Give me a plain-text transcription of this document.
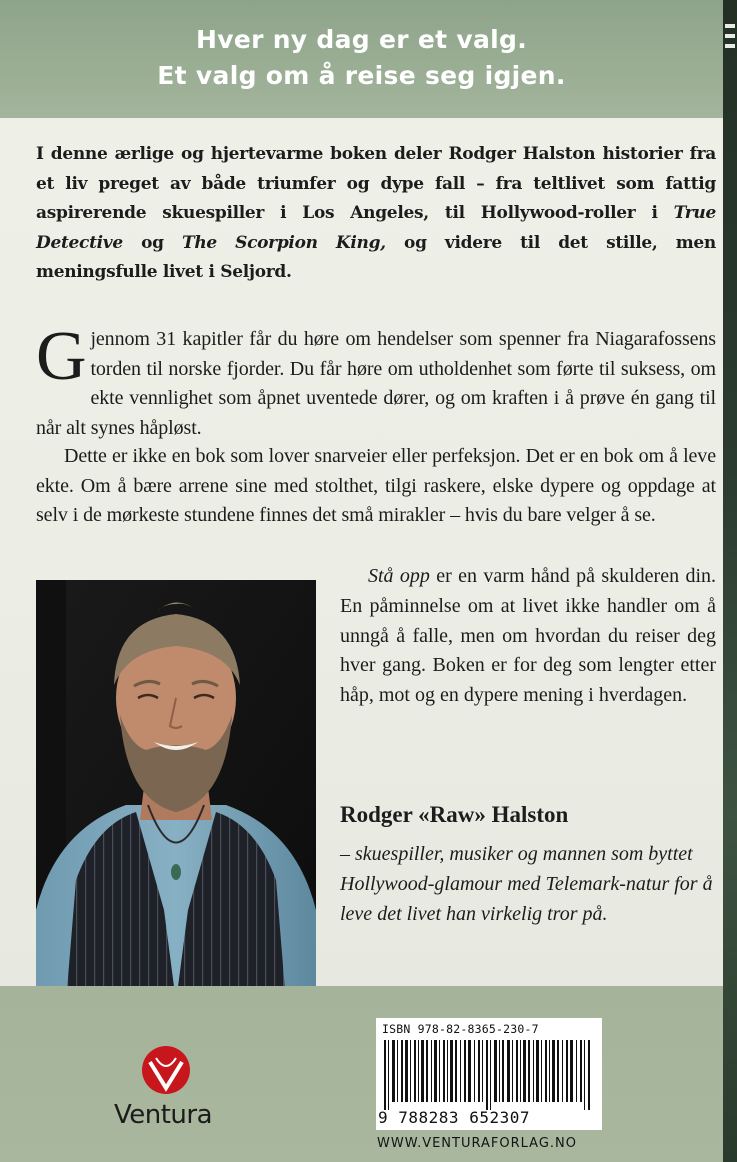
Hver ny dag er et valg.
Et valg om å reise seg igjen.

I denne ærlige og hjertevarme boken deler Rodger Halston historier fra et liv preget av både triumfer og dype fall – fra teltlivet som fattig aspirerende skuespiller i Los Angeles, til Hollywood-roller i True Detective og The Scorpion King, og videre til det stille, men meningsfulle livet i Seljord.

Gjennom 31 kapitler får du høre om hendelser som spenner fra Niagarafossens torden til norske fjorder. Du får høre om utholdenhet som førte til suksess, om ekte vennlighet som åpnet uventede dører, og om kraften i å prøve én gang til når alt synes håpløst.

Dette er ikke en bok som lover snarveier eller perfeksjon. Det er en bok om å leve ekte. Om å bære arrene sine med stolthet, tilgi raskere, elske dypere og oppdage at selv i de mørkeste stundene finnes det små mirakler – hvis du bare velger å se.

Stå opp er en varm hånd på skulderen din. En påminnelse om at livet ikke handler om å unngå å falle, men om hvordan du reiser deg hver gang. Boken er for deg som lengter etter håp, mot og en dypere mening i hverdagen.

Rodger «Raw» Halston

– skuespiller, musiker og mannen som byttet Hollywood-glamour med Telemark-natur for å leve det livet han virkelig tror på.

Ventura
ISBN 978-82-8365-230-7
9 788283 652307
WWW.VENTURAFORLAG.NO
